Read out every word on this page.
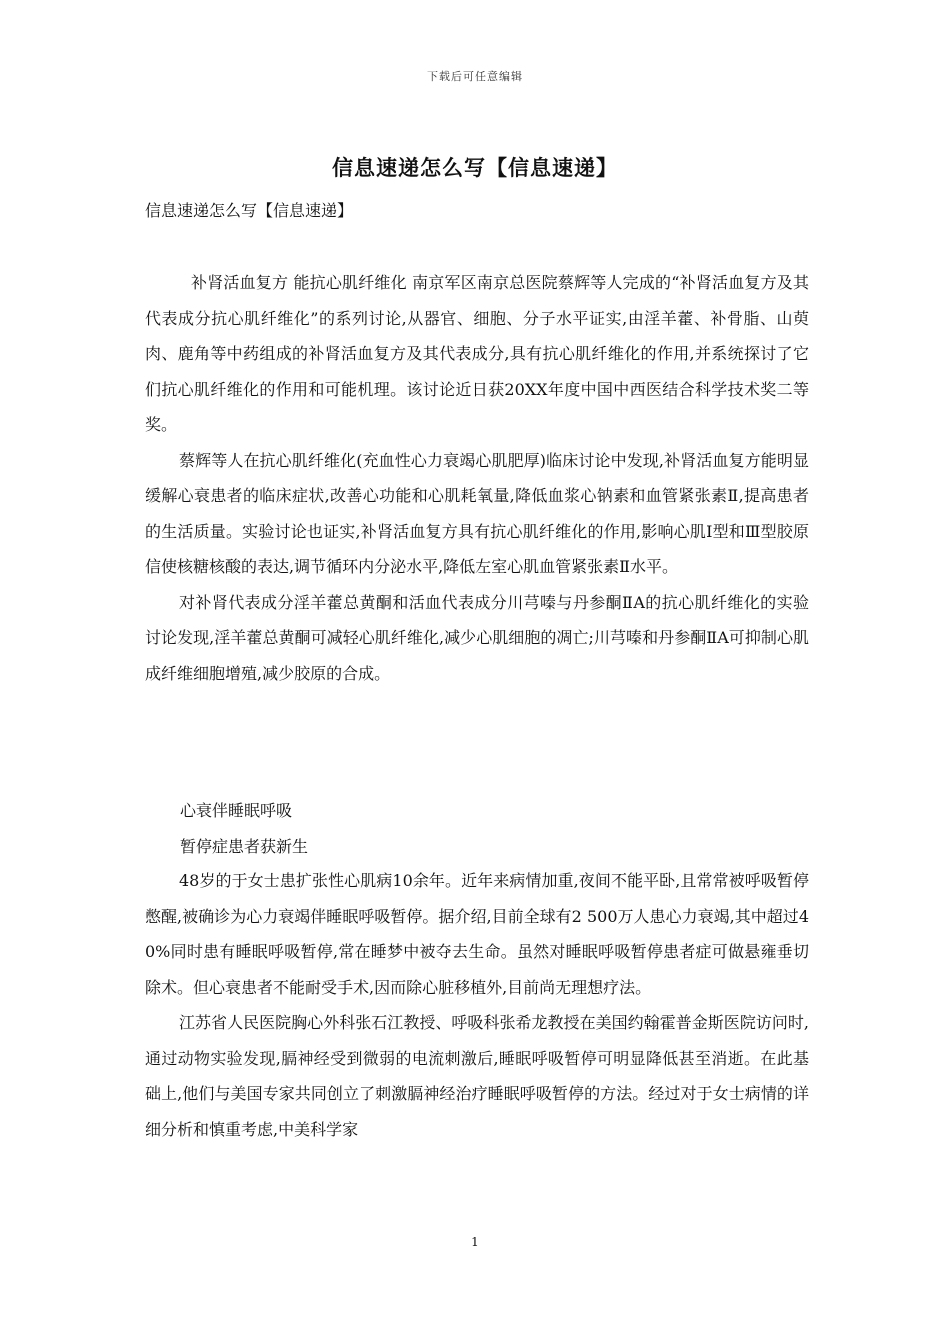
下载后可任意编辑
信息速递怎么写【信息速递】
信息速递怎么写【信息速递】

补肾活血复方 能抗心肌纤维化 南京军区南京总医院蔡辉等人完成的“补肾活血复方及其代表成分抗心肌纤维化”的系列讨论,从器官、细胞、分子水平证实,由淫羊藿、补骨脂、山萸肉、鹿角等中药组成的补肾活血复方及其代表成分,具有抗心肌纤维化的作用,并系统探讨了它们抗心肌纤维化的作用和可能机理。该讨论近日获20XX年度中国中西医结合科学技术奖二等奖。

蔡辉等人在抗心肌纤维化(充血性心力衰竭心肌肥厚)临床讨论中发现,补肾活血复方能明显缓解心衰患者的临床症状,改善心功能和心肌耗氧量,降低血浆心钠素和血管紧张素Ⅱ,提高患者的生活质量。实验讨论也证实,补肾活血复方具有抗心肌纤维化的作用,影响心肌Ⅰ型和Ⅲ型胶原信使核糖核酸的表达,调节循环内分泌水平,降低左室心肌血管紧张素Ⅱ水平。

对补肾代表成分淫羊藿总黄酮和活血代表成分川芎嗪与丹参酮ⅡA的抗心肌纤维化的实验讨论发现,淫羊藿总黄酮可减轻心肌纤维化,减少心肌细胞的凋亡;川芎嗪和丹参酮ⅡA可抑制心肌成纤维细胞增殖,减少胶原的合成。

心衰伴睡眠呼吸
暂停症患者获新生

48岁的于女士患扩张性心肌病10余年。近年来病情加重,夜间不能平卧,且常常被呼吸暂停憋醒,被确诊为心力衰竭伴睡眠呼吸暂停。据介绍,目前全球有2 500万人患心力衰竭,其中超过40%同时患有睡眠呼吸暂停,常在睡梦中被夺去生命。虽然对睡眠呼吸暂停患者症可做悬雍垂切除术。但心衰患者不能耐受手术,因而除心脏移植外,目前尚无理想疗法。

江苏省人民医院胸心外科张石江教授、呼吸科张希龙教授在美国约翰霍普金斯医院访问时,通过动物实验发现,膈神经受到微弱的电流刺激后,睡眠呼吸暂停可明显降低甚至消逝。在此基础上,他们与美国专家共同创立了刺激膈神经治疗睡眠呼吸暂停的方法。经过对于女士病情的详细分析和慎重考虑,中美科学家

1
